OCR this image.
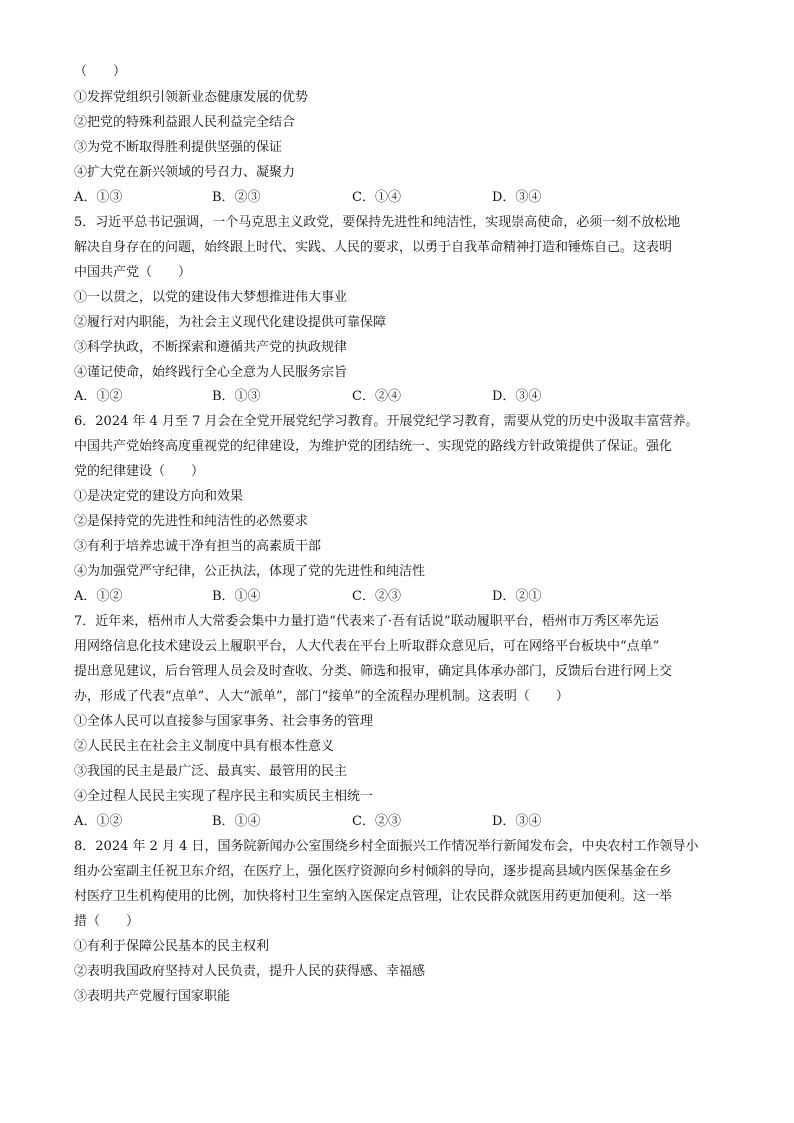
（　　）
①发挥党组织引领新业态健康发展的优势
②把党的特殊利益跟人民利益完全结合
③为党不断取得胜利提供坚强的保证
④扩大党在新兴领域的号召力、凝聚力
A．①③	B．②③	C．①④	D．③④
5．习近平总书记强调，一个马克思主义政党，要保持先进性和纯洁性，实现崇高使命，必须一刻不放松地
解决自身存在的问题，始终跟上时代、实践、人民的要求，以勇于自我革命精神打造和锤炼自己。这表明
中国共产党（　　）
①一以贯之，以党的建设伟大梦想推进伟大事业
②履行对内职能，为社会主义现代化建设提供可靠保障
③科学执政，不断探索和遵循共产党的执政规律
④谨记使命，始终践行全心全意为人民服务宗旨
A．①②	B．①③	C．②④	D．③④
6．2024 年 4 月至 7 月会在全党开展党纪学习教育。开展党纪学习教育，需要从党的历史中汲取丰富营养。
中国共产党始终高度重视党的纪律建设，为维护党的团结统一、实现党的路线方针政策提供了保证。强化
党的纪律建设（　　）
①是决定党的建设方向和效果
②是保持党的先进性和纯洁性的必然要求
③有利于培养忠诚干净有担当的高素质干部
④为加强党严守纪律，公正执法，体现了党的先进性和纯洁性
A．①②	B．①④	C．②③	D．②①
7．近年来，梧州市人大常委会集中力量打造“代表来了·吾有话说”联动履职平台，梧州市万秀区率先运
用网络信息化技术建设云上履职平台，人大代表在平台上听取群众意见后，可在网络平台板块中“点单”
提出意见建议，后台管理人员会及时查收、分类、筛选和报审，确定具体承办部门，反馈后台进行网上交
办，形成了代表“点单”、人大“派单”，部门“接单”的全流程办理机制。这表明（　　）
①全体人民可以直接参与国家事务、社会事务的管理
②人民民主在社会主义制度中具有根本性意义
③我国的民主是最广泛、最真实、最管用的民主
④全过程人民民主实现了程序民主和实质民主相统一
A．①②	B．①④	C．②③	D．③④
8．2024 年 2 月 4 日，国务院新闻办公室围绕乡村全面振兴工作情况举行新闻发布会，中央农村工作领导小
组办公室副主任祝卫东介绍，在医疗上，强化医疗资源向乡村倾斜的导向，逐步提高县域内医保基金在乡
村医疗卫生机构使用的比例，加快将村卫生室纳入医保定点管理，让农民群众就医用药更加便利。这一举
措（　　）
①有利于保障公民基本的民主权利
②表明我国政府坚持对人民负责，提升人民的获得感、幸福感
③表明共产党履行国家职能
